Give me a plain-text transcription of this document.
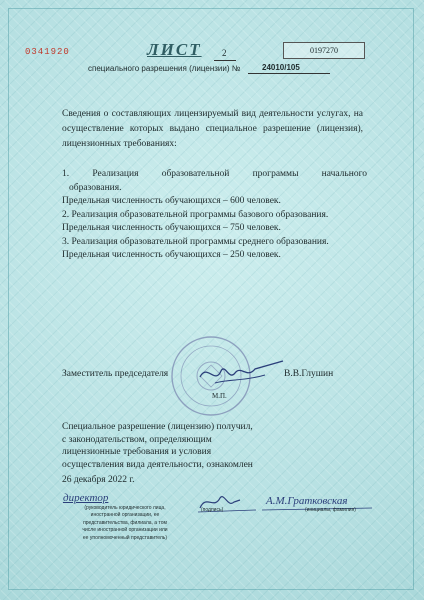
0341920	ЛИСТ 2	0197270
специального разрешения (лицензии) №	24010/105
Сведения о составляющих лицензируемый вид деятельности услугах, на осуществление которых выдано специальное разрешение (лицензия), лицензионных требованиях:
1. Реализация образовательной программы начального
образования.
Предельная численность обучающихся – 600 человек.
2. Реализация образовательной программы базового образования.
Предельная численность обучающихся – 750 человек.
3. Реализация образовательной программы среднего образования.
Предельная численность обучающихся – 250 человек.
Заместитель председателя	В.В.Глушин
М.П.
Специальное разрешение (лицензию) получил,
с законодательством, определяющим
лицензионные требования и условия
осуществления вида деятельности, ознакомлен
26 декабря 2022 г.
директор	А.М.Гратковская
(руководитель юридического лица,
иностранной организации, ее
представительства, филиала, а том
числе иностранной организации или
ее уполномоченный представитель)
(подпись)	(инициалы, фамилия)
